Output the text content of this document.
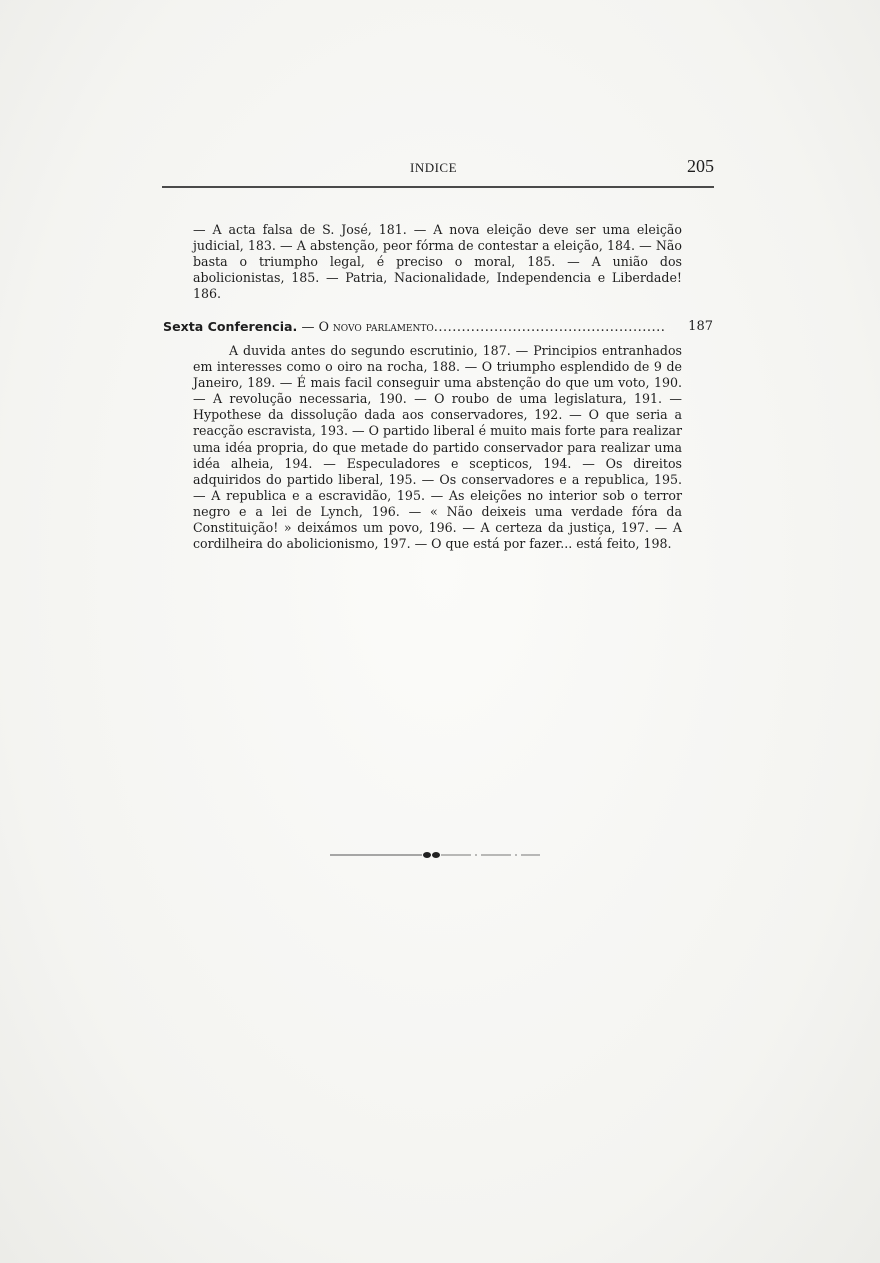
INDICE	205

— A acta falsa de S. José, 181. — A nova eleição deve ser uma eleição judicial, 183. — A abstenção, peor fórma de contestar a eleição, 184. — Não basta o triumpho legal, é preciso o moral, 185. — A união dos abolicionistas, 185. — Patria, Nacionalidade, Independencia e Liberdade! 186.

Sexta Conferencia. — O novo parlamento.................................................. 187

A duvida antes do segundo escrutinio, 187. — Principios entranhados em interesses como o oiro na rocha, 188. — O triumpho esplendido de 9 de Janeiro, 189. — É mais facil conseguir uma abstenção do que um voto, 190. — A revolução necessaria, 190. — O roubo de uma legislatura, 191. — Hypothese da dissolução dada aos conservadores, 192. — O que seria a reacção escravista, 193. — O partido liberal é muito mais forte para realizar uma idéa propria, do que metade do partido conservador para realizar uma idéa alheia, 194. — Especuladores e scepticos, 194. — Os direitos adquiridos do partido liberal, 195. — Os conservadores e a republica, 195. — A republica e a escravidão, 195. — As eleições no interior sob o terror negro e a lei de Lynch, 196. — « Não deixeis uma verdade fóra da Constituição! » deixámos um povo, 196. — A certeza da justiça, 197. — A cordilheira do abolicionismo, 197. — O que está por fazer... está feito, 198.
